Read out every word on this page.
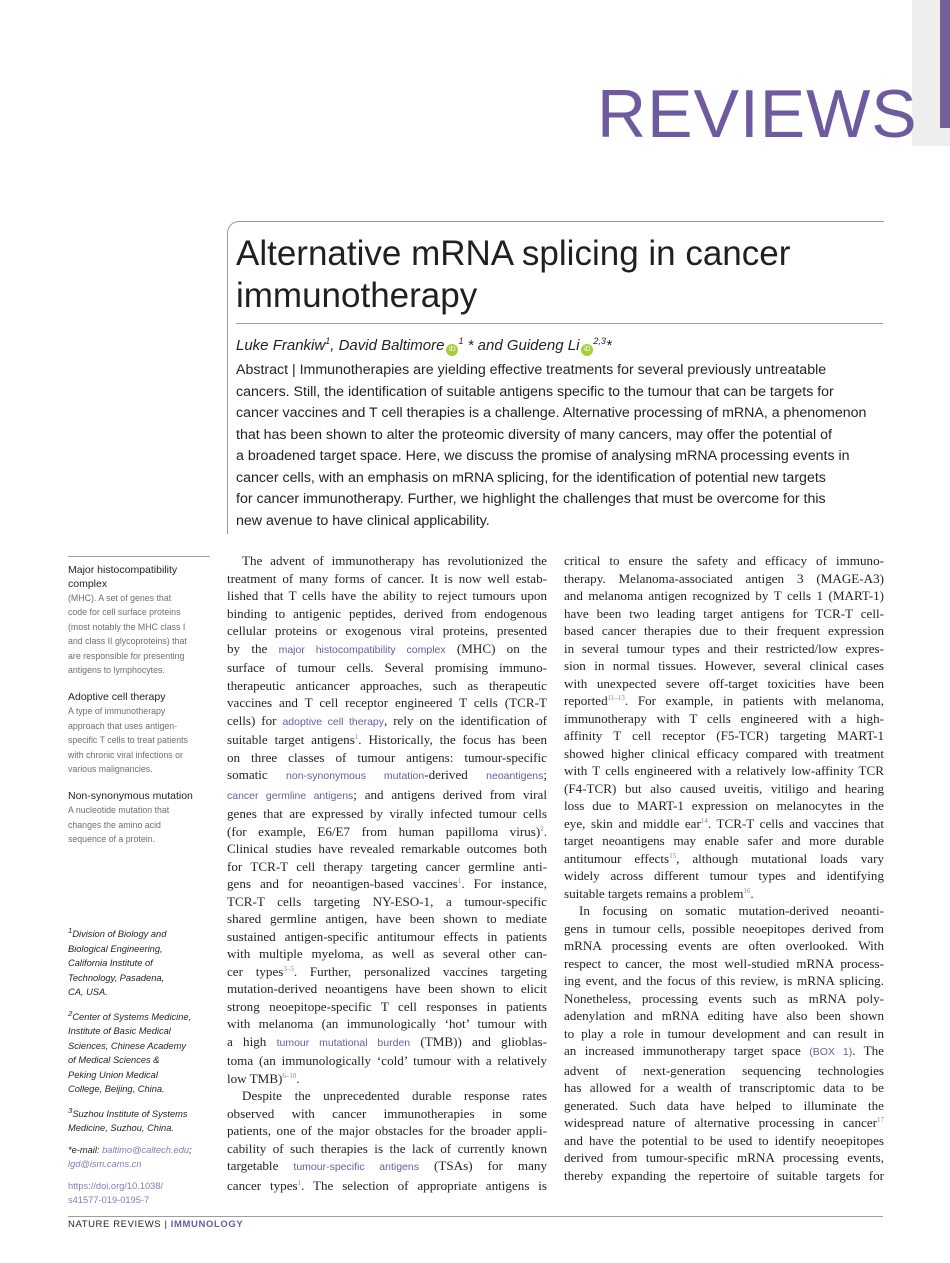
REVIEWS
Alternative mRNA splicing in cancer
immunotherapy
Luke Frankiw$^1$, David Baltimore $iD^1$ * and Guideng Li iD$^{2,3}$*
Abstract | Immunotherapies are yielding effective treatments for several previously untreatable
cancers. Still, the identification of suitable antigens specific to the tumour that can be targets for
cancer vaccines and T cell therapies is a challenge. Alternative processing of mRNA, a phenomenon
that has been shown to alter the proteomic diversity of many cancers, may offer the potential of
a broadened target space. Here, we discuss the promise of analysing mRNA processing events in
cancer cells, with an emphasis on mRNA splicing, for the identification of potential new targets
for cancer immunotherapy. Further, we highlight the challenges that must be overcome for this
new avenue to have clinical applicability.
Major histocompatibility
complex
(MHC). A set of genes that
code for cell surface proteins
(most notably the MHC class I
and class II glycoproteins) that
are responsible for presenting
antigens to lymphocytes.
Adoptive cell therapy
A type of immunotherapy
approach that uses antigen-
specific T cells to treat patients
with chronic viral infections or
various malignancies.
Non-synonymous mutation
A nucleotide mutation that
changes the amino acid
sequence of a protein.
$^1$Division of Biology and
Biological Engineering,
California Institute of
Technology, Pasadena,
CA, USA.
$^2$Center of Systems Medicine,
Institute of Basic Medical
Sciences, Chinese Academy
of Medical Sciences &
Peking Union Medical
College, Beijing, China.
$^3$Suzhou Institute of Systems
Medicine, Suzhou, China.
*e-mail: baltimo@caltech.edu;
lgd@ism.cams.cn
https://doi.org/10.1038/
s41577-019-0195-7
The advent of immunotherapy has revolutionized the
treatment of many forms of cancer. It is now well estab-
lished that T cells have the ability to reject tumours upon
binding to antigenic peptides, derived from endogenous
cellular proteins or exogenous viral proteins, presented
by the major histocompatibility complex (MHC) on the
surface of tumour cells. Several promising immuno-
therapeutic anticancer approaches, such as therapeutic
vaccines and T cell receptor engineered T cells (TCR-T
cells) for adoptive cell therapy, rely on the identification of
suitable target antigens$^1$. Historically, the focus has been
on three classes of tumour antigens: tumour-specific
somatic non-synonymous mutation-derived neoantigens;
cancer germline antigens; and antigens derived from viral
genes that are expressed by virally infected tumour cells
(for example, E6/E7 from human papilloma virus)$^2$.
Clinical studies have revealed remarkable outcomes both
for TCR-T cell therapy targeting cancer germline anti-
gens and for neoantigen-based vaccines$^1$. For instance,
TCR-T cells targeting NY-ESO-1, a tumour-specific
shared germline antigen, have been shown to mediate
sustained antigen-specific antitumour effects in patients
with multiple myeloma, as well as several other can-
cer types$^{3-5}$. Further, personalized vaccines targeting
mutation-derived neoantigens have been shown to elicit
strong neoepitope-specific T cell responses in patients
with melanoma (an immunologically ‘hot’ tumour with
a high tumour mutational burden (TMB)) and glioblas-
toma (an immunologically ‘cold’ tumour with a relatively
low TMB)$^{6-10}$.
Despite the unprecedented durable response rates
observed with cancer immunotherapies in some
patients, one of the major obstacles for the broader appli-
cability of such therapies is the lack of currently known
targetable tumour-specific antigens (TSAs) for many
cancer types$^1$. The selection of appropriate antigens is
critical to ensure the safety and efficacy of immuno-
therapy. Melanoma-associated antigen 3 (MAGE-A3)
and melanoma antigen recognized by T cells 1 (MART-1)
have been two leading target antigens for TCR-T cell-
based cancer therapies due to their frequent expression
in several tumour types and their restricted/low expres-
sion in normal tissues. However, several clinical cases
with unexpected severe off-target toxicities have been
reported$^{11-13}$. For example, in patients with melanoma,
immunotherapy with T cells engineered with a high-
affinity T cell receptor (F5-TCR) targeting MART-1
showed higher clinical efficacy compared with treatment
with T cells engineered with a relatively low-affinity TCR
(F4-TCR) but also caused uveitis, vitiligo and hearing
loss due to MART-1 expression on melanocytes in the
eye, skin and middle ear$^{14}$. TCR-T cells and vaccines that
target neoantigens may enable safer and more durable
antitumour effects$^{15}$, although mutational loads vary
widely across different tumour types and identifying
suitable targets remains a problem$^{16}$.
In focusing on somatic mutation-derived neoanti-
gens in tumour cells, possible neoepitopes derived from
mRNA processing events are often overlooked. With
respect to cancer, the most well-studied mRNA process-
ing event, and the focus of this review, is mRNA splicing.
Nonetheless, processing events such as mRNA poly-
adenylation and mRNA editing have also been shown
to play a role in tumour development and can result in
an increased immunotherapy target space (BOX 1). The
advent of next-generation sequencing technologies
has allowed for a wealth of transcriptomic data to be
generated. Such data have helped to illuminate the
widespread nature of alternative processing in cancer$^{17}$
and have the potential to be used to identify neoepitopes
derived from tumour-specific mRNA processing events,
thereby expanding the repertoire of suitable targets for
NATURE REVIEWS | IMMUNOLOGY
